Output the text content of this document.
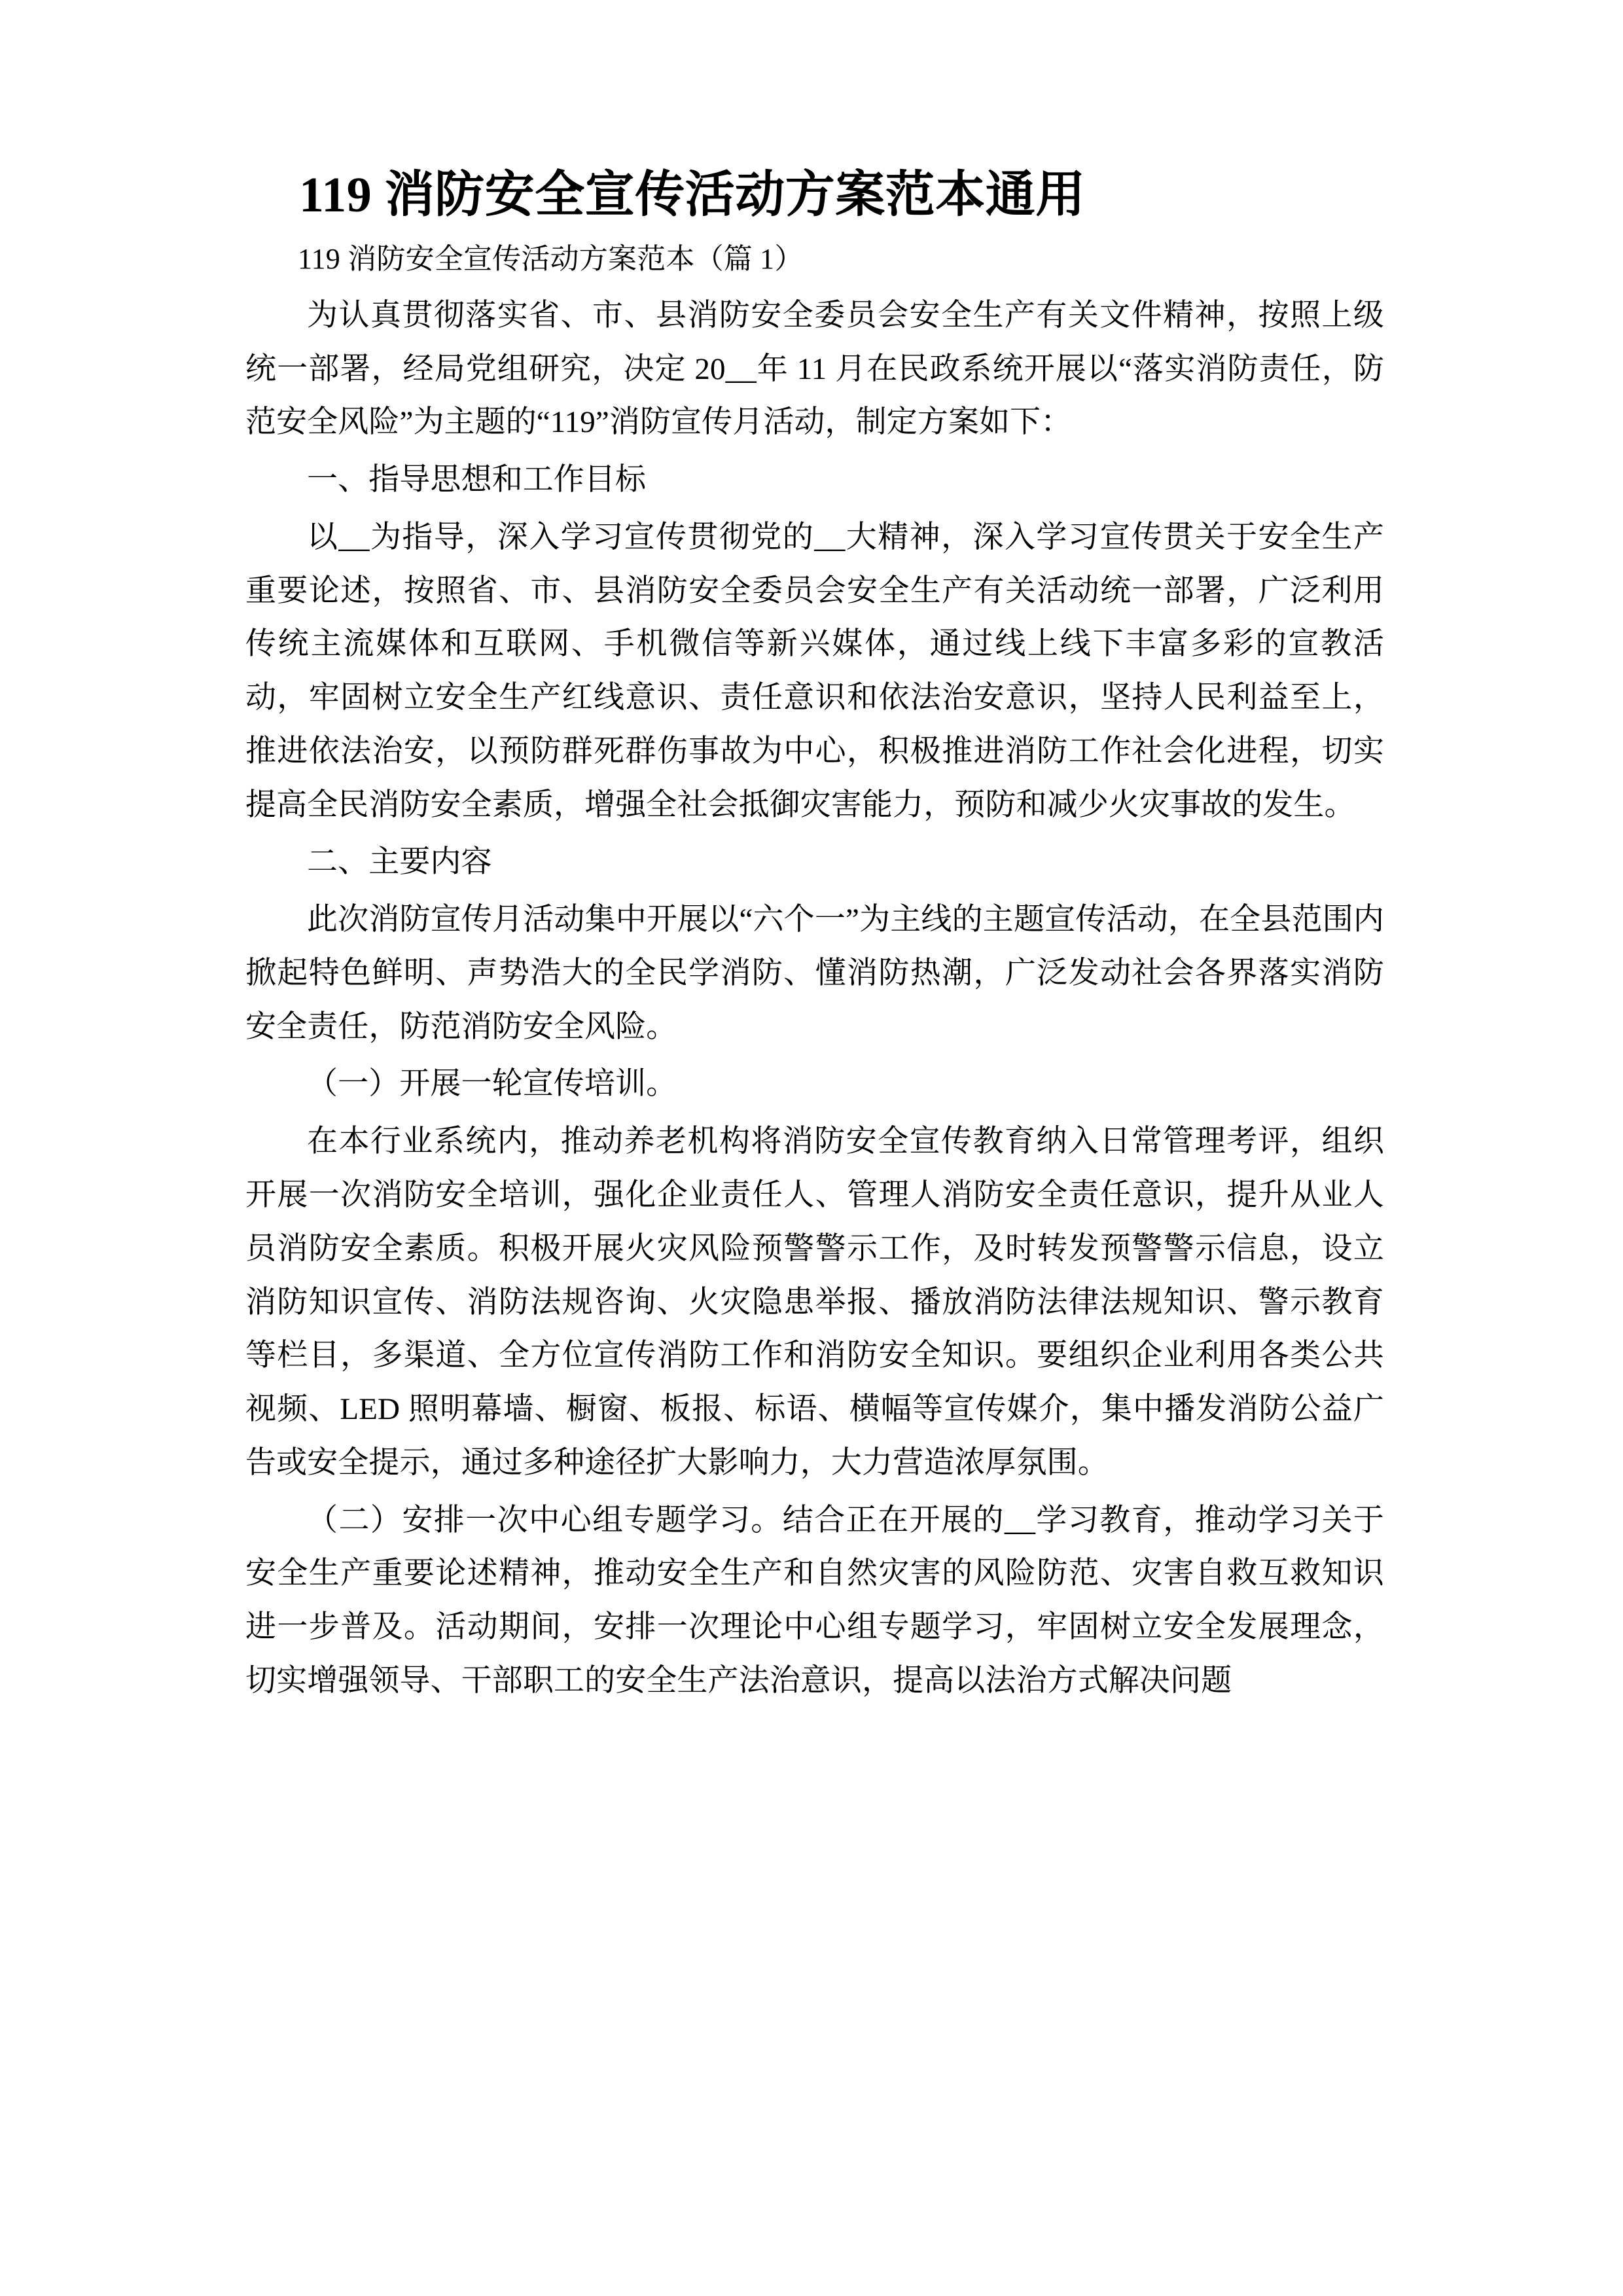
119 消防安全宣传活动方案范本通用
119 消防安全宣传活动方案范本（篇 1）

为认真贯彻落实省、市、县消防安全委员会安全生产有关文件精神，按照上级统一部署，经局党组研究，决定 20__年 11 月在民政系统开展以“落实消防责任，防范安全风险”为主题的“119”消防宣传月活动，制定方案如下：

一、指导思想和工作目标

以__为指导，深入学习宣传贯彻党的__大精神，深入学习宣传贯关于安全生产重要论述，按照省、市、县消防安全委员会安全生产有关活动统一部署，广泛利用传统主流媒体和互联网、手机微信等新兴媒体，通过线上线下丰富多彩的宣教活动，牢固树立安全生产红线意识、责任意识和依法治安意识，坚持人民利益至上，推进依法治安，以预防群死群伤事故为中心，积极推进消防工作社会化进程，切实提高全民消防安全素质，增强全社会抵御灾害能力，预防和减少火灾事故的发生。

二、主要内容

此次消防宣传月活动集中开展以“六个一”为主线的主题宣传活动，在全县范围内掀起特色鲜明、声势浩大的全民学消防、懂消防热潮，广泛发动社会各界落实消防安全责任，防范消防安全风险。

（一）开展一轮宣传培训。

在本行业系统内，推动养老机构将消防安全宣传教育纳入日常管理考评，组织开展一次消防安全培训，强化企业责任人、管理人消防安全责任意识，提升从业人员消防安全素质。积极开展火灾风险预警警示工作，及时转发预警警示信息，设立消防知识宣传、消防法规咨询、火灾隐患举报、播放消防法律法规知识、警示教育等栏目，多渠道、全方位宣传消防工作和消防安全知识。要组织企业利用各类公共视频、LED 照明幕墙、橱窗、板报、标语、横幅等宣传媒介，集中播发消防公益广告或安全提示，通过多种途径扩大影响力，大力营造浓厚氛围。

（二）安排一次中心组专题学习。结合正在开展的__学习教育，推动学习关于安全生产重要论述精神，推动安全生产和自然灾害的风险防范、灾害自救互救知识进一步普及。活动期间，安排一次理论中心组专题学习，牢固树立安全发展理念，切实增强领导、干部职工的安全生产法治意识，提高以法治方式解决问题
